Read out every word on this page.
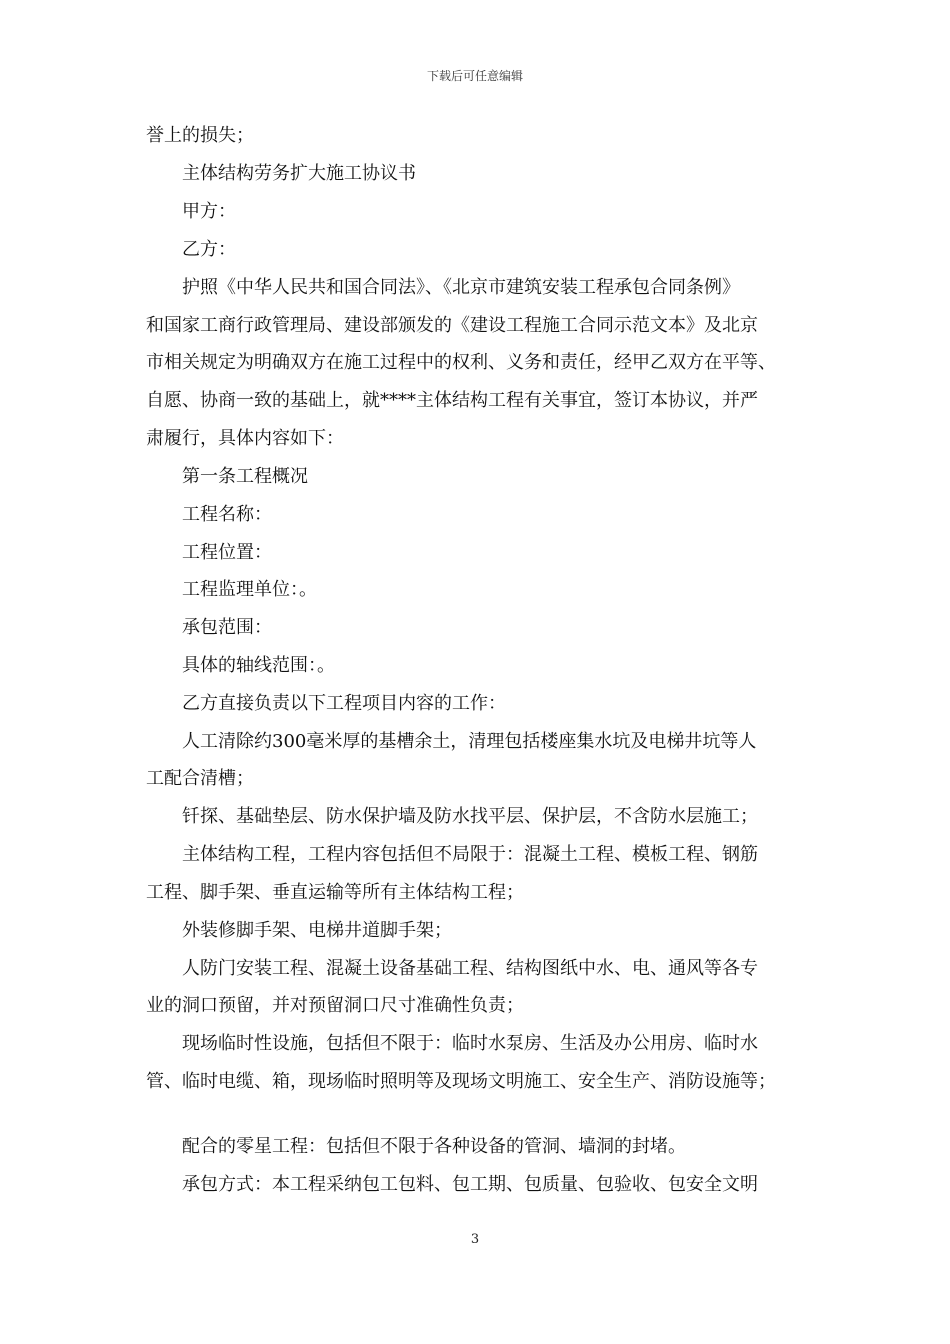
下载后可任意编辑
誉上的损失；
主体结构劳务扩大施工协议书
甲方：
乙方：
护照《中华人民共和国合同法》、《北京市建筑安装工程承包合同条例》
和国家工商行政管理局、建设部颁发的《建设工程施工合同示范文本》及北京
市相关规定为明确双方在施工过程中的权利、义务和责任，经甲乙双方在平等、
自愿、协商一致的基础上，就****主体结构工程有关事宜，签订本协议，并严
肃履行，具体内容如下：
第一条工程概况
工程名称：
工程位置：
工程监理单位：。
承包范围：
具体的轴线范围：。
乙方直接负责以下工程项目内容的工作：
人工清除约300毫米厚的基槽余土，清理包括楼座集水坑及电梯井坑等人
工配合清槽；
钎探、基础垫层、防水保护墙及防水找平层、保护层，不含防水层施工；
主体结构工程，工程内容包括但不局限于：混凝土工程、模板工程、钢筋
工程、脚手架、垂直运输等所有主体结构工程；
外装修脚手架、电梯井道脚手架；
人防门安装工程、混凝土设备基础工程、结构图纸中水、电、通风等各专
业的洞口预留，并对预留洞口尺寸准确性负责；
现场临时性设施，包括但不限于：临时水泵房、生活及办公用房、临时水
管、临时电缆、箱，现场临时照明等及现场文明施工、安全生产、消防设施等；
配合的零星工程：包括但不限于各种设备的管洞、墙洞的封堵。
承包方式：本工程采纳包工包料、包工期、包质量、包验收、包安全文明
3
